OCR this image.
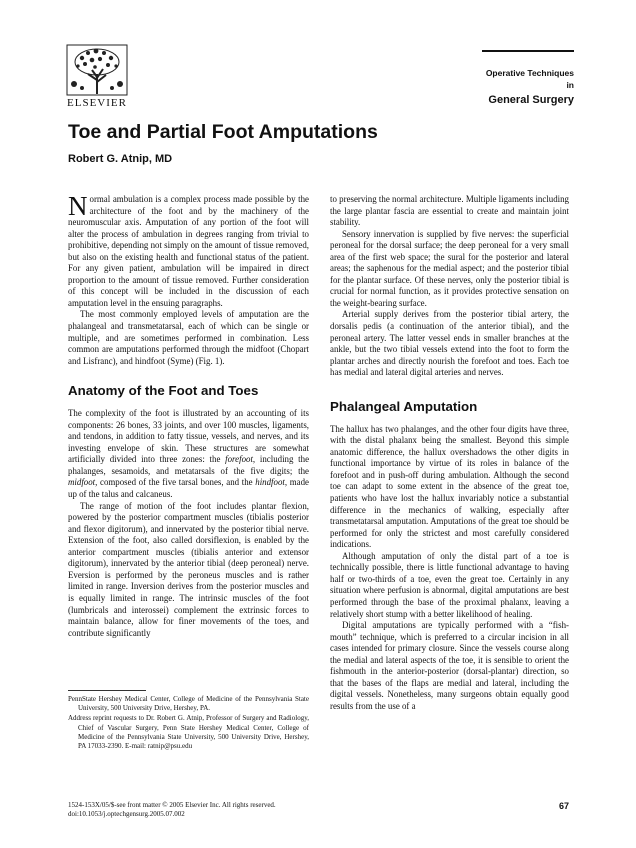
ELSEVIER
Operative Techniques in
General Surgery
Toe and Partial Foot Amputations
Robert G. Atnip, MD

Normal ambulation is a complex process made possible by the architecture of the foot and by the machinery of the neuromuscular axis. Amputation of any portion of the foot will alter the process of ambulation in degrees ranging from trivial to prohibitive, depending not simply on the amount of tissue removed, but also on the existing health and functional status of the patient. For any given patient, ambulation will be impaired in direct proportion to the amount of tissue removed. Further consideration of this concept will be included in the discussion of each amputation level in the ensuing paragraphs.

The most commonly employed levels of amputation are the phalangeal and transmetatarsal, each of which can be single or multiple, and are sometimes performed in combination. Less common are amputations performed through the midfoot (Chopart and Lisfranc), and hindfoot (Syme) (Fig. 1).

Anatomy of the Foot and Toes

The complexity of the foot is illustrated by an accounting of its components: 26 bones, 33 joints, and over 100 muscles, ligaments, and tendons, in addition to fatty tissue, vessels, and nerves, and its investing envelope of skin. These structures are somewhat artificially divided into three zones: the forefoot, including the phalanges, sesamoids, and metatarsals of the five digits; the midfoot, composed of the five tarsal bones, and the hindfoot, made up of the talus and calcaneus.

The range of motion of the foot includes plantar flexion, powered by the posterior compartment muscles (tibialis posterior and flexor digitorum), and innervated by the posterior tibial nerve. Extension of the foot, also called dorsiflexion, is enabled by the anterior compartment muscles (tibialis anterior and extensor digitorum), innervated by the anterior tibial (deep peroneal) nerve. Eversion is performed by the peroneus muscles and is rather limited in range. Inversion derives from the posterior muscles and is equally limited in range. The intrinsic muscles of the foot (lumbricals and interossei) complement the extrinsic forces to maintain balance, allow for finer movements of the toes, and contribute significantly

to preserving the normal architecture. Multiple ligaments including the large plantar fascia are essential to create and maintain joint stability.

Sensory innervation is supplied by five nerves: the superficial peroneal for the dorsal surface; the deep peroneal for a very small area of the first web space; the sural for the posterior and lateral areas; the saphenous for the medial aspect; and the posterior tibial for the plantar surface. Of these nerves, only the posterior tibial is crucial for normal function, as it provides protective sensation on the weight-bearing surface.

Arterial supply derives from the posterior tibial artery, the dorsalis pedis (a continuation of the anterior tibial), and the peroneal artery. The latter vessel ends in smaller branches at the ankle, but the two tibial vessels extend into the foot to form the plantar arches and directly nourish the forefoot and toes. Each toe has medial and lateral digital arteries and nerves.

Phalangeal Amputation

The hallux has two phalanges, and the other four digits have three, with the distal phalanx being the smallest. Beyond this simple anatomic difference, the hallux overshadows the other digits in functional importance by virtue of its roles in balance of the forefoot and in push-off during ambulation. Although the second toe can adapt to some extent in the absence of the great toe, patients who have lost the hallux invariably notice a substantial difference in the mechanics of walking, especially after transmetatarsal amputation. Amputations of the great toe should be performed for only the strictest and most carefully considered indications.

Although amputation of only the distal part of a toe is technically possible, there is little functional advantage to having half or two-thirds of a toe, even the great toe. Certainly in any situation where perfusion is abnormal, digital amputations are best performed through the base of the proximal phalanx, leaving a relatively short stump with a better likelihood of healing.

Digital amputations are typically performed with a “fish-mouth” technique, which is preferred to a circular incision in all cases intended for primary closure. Since the vessels course along the medial and lateral aspects of the toe, it is sensible to orient the fishmouth in the anterior-posterior (dorsal-plantar) direction, so that the bases of the flaps are medial and lateral, including the digital vessels. Nonetheless, many surgeons obtain equally good results from the use of a

PennState Hershey Medical Center, College of Medicine of the Pennsylvania State University, 500 University Drive, Hershey, PA.

Address reprint requests to Dr. Robert G. Atnip, Professor of Surgery and Radiology, Chief of Vascular Surgery, Penn State Hershey Medical Center, College of Medicine of the Pennsylvania State University, 500 University Drive, Hershey, PA 17033-2390. E-mail: ratnip@psu.edu

1524-153X/05/$-see front matter © 2005 Elsevier Inc. All rights reserved.
doi:10.1053/j.optechgensurg.2005.07.002
67
